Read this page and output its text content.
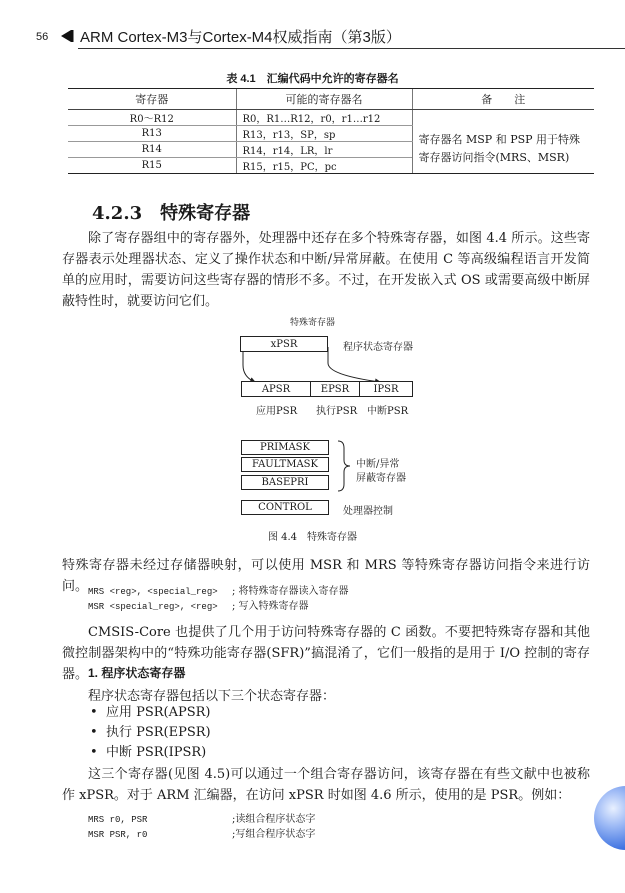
56 ARM Cortex-M3与Cortex-M4权威指南（第3版）
表 4.1　汇编代码中允许的寄存器名
寄存器	可能的寄存器名	备　　注
R0～R12	R0，R1…R12，r0，r1…r12	
R13	R13，r13，SP，sp	寄存器名 MSP 和 PSP 用于特殊寄存器访问指令(MRS、MSR)
R14	R14，r14，LR，lr	
R15	R15，r15，PC，pc	
4.2.3　特殊寄存器
除了寄存器组中的寄存器外，处理器中还存在多个特殊寄存器，如图 4.4 所示。这些寄存器表示处理器状态、定义了操作状态和中断/异常屏蔽。在使用 C 等高级编程语言开发简单的应用时，需要访问这些寄存器的情形不多。不过，在开发嵌入式 OS 或需要高级中断屏蔽特性时，就要访问它们。
特殊寄存器
xPSR	程序状态寄存器
APSR	EPSR	IPSR
应用PSR 执行PSR 中断PSR
PRIMASK
FAULTMASK
BASEPRI
中断/异常
屏蔽寄存器
CONTROL	处理器控制
图 4.4　特殊寄存器
特殊寄存器未经过存储器映射，可以使用 MSR 和 MRS 等特殊寄存器访问指令来进行访问。 MRS <reg>, <special_reg> ; 将特殊寄存器读入寄存器
MSR <special_reg>, <reg> ; 写入特殊寄存器
CMSIS-Core 也提供了几个用于访问特殊寄存器的 C 函数。不要把特殊寄存器和其他微控制器架构中的“特殊功能寄存器(SFR)”搞混淆了，它们一般指的是用于 I/O 控制的寄存器。 1. 程序状态寄存器
程序状态寄存器包括以下三个状态寄存器：
•  应用 PSR(APSR)
•  执行 PSR(EPSR)
•  中断 PSR(IPSR)
这三个寄存器(见图 4.5)可以通过一个组合寄存器访问，该寄存器在有些文献中也被称作 xPSR。对于 ARM 汇编器，在访问 xPSR 时如图 4.6 所示，使用的是 PSR。例如：
MRS r0, PSR	;读组合程序状态字
MSR PSR, r0	;写组合程序状态字
